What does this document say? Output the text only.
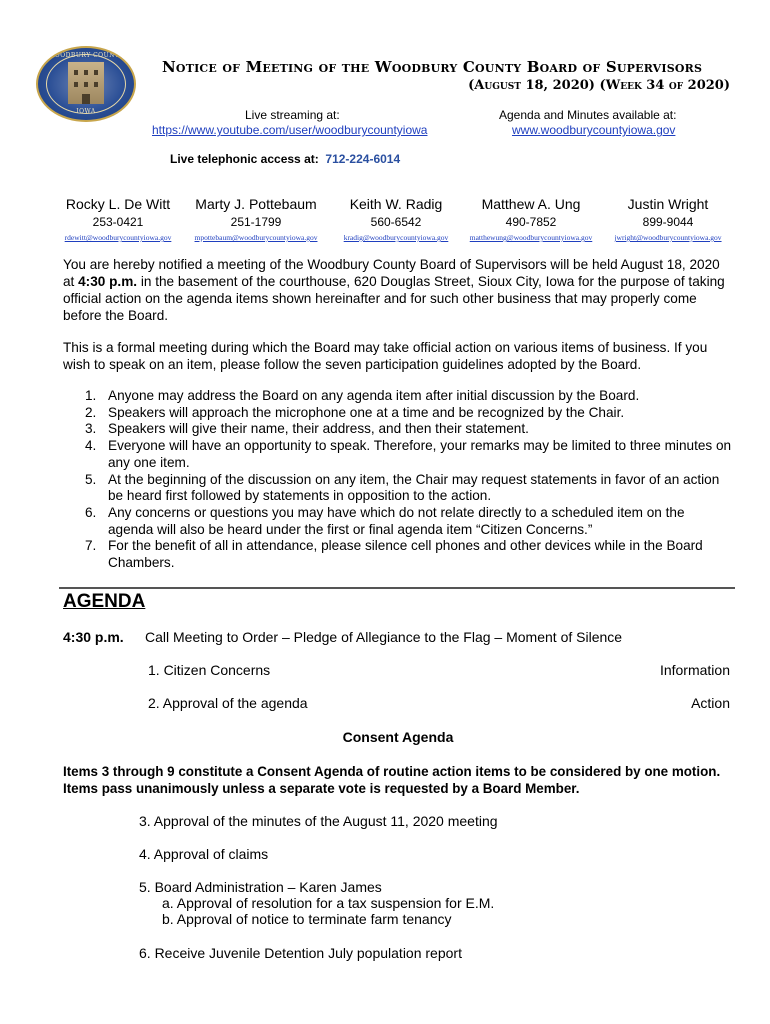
WOODBURY COUNTY
IOWA
Notice of Meeting of the Woodbury County Board of Supervisors
(August 18, 2020) (Week 34 of 2020)
Live streaming at:
https://www.youtube.com/user/woodburycountyiowa
Agenda and Minutes available at:
www.woodburycountyiowa.gov
Live telephonic access at:  712-224-6014
Rocky L. De Witt
253-0421
rdewitt@woodburycountyiowa.gov
Marty J. Pottebaum
251-1799
mpottebaum@woodburycountyiowa.gov
Keith W. Radig
560-6542
kradig@woodburycountyiowa.gov
Matthew A. Ung
490-7852
matthewung@woodburycountyiowa.gov
Justin Wright
899-9044
jwright@woodburycountyiowa.gov
You are hereby notified a meeting of the Woodbury County Board of Supervisors will be held August 18, 2020 at 4:30 p.m. in the basement of the courthouse, 620 Douglas Street, Sioux City, Iowa for the purpose of taking official action on the agenda items shown hereinafter and for such other business that may properly come before the Board.
This is a formal meeting during which the Board may take official action on various items of business. If you wish to speak on an item, please follow the seven participation guidelines adopted by the Board.
1. Anyone may address the Board on any agenda item after initial discussion by the Board.
2. Speakers will approach the microphone one at a time and be recognized by the Chair.
3. Speakers will give their name, their address, and then their statement.
4. Everyone will have an opportunity to speak. Therefore, your remarks may be limited to three minutes on any one item.
5. At the beginning of the discussion on any item, the Chair may request statements in favor of an action be heard first followed by statements in opposition to the action.
6. Any concerns or questions you may have which do not relate directly to a scheduled item on the agenda will also be heard under the first or final agenda item “Citizen Concerns.”
7. For the benefit of all in attendance, please silence cell phones and other devices while in the Board Chambers.
AGENDA
4:30 p.m. Call Meeting to Order – Pledge of Allegiance to the Flag – Moment of Silence
1. Citizen Concerns	Information
2. Approval of the agenda	Action
Consent Agenda
Items 3 through 9 constitute a Consent Agenda of routine action items to be considered by one motion. Items pass unanimously unless a separate vote is requested by a Board Member.
3. Approval of the minutes of the August 11, 2020 meeting
4. Approval of claims
5. Board Administration – Karen James
a. Approval of resolution for a tax suspension for E.M.
b. Approval of notice to terminate farm tenancy
6. Receive Juvenile Detention July population report
